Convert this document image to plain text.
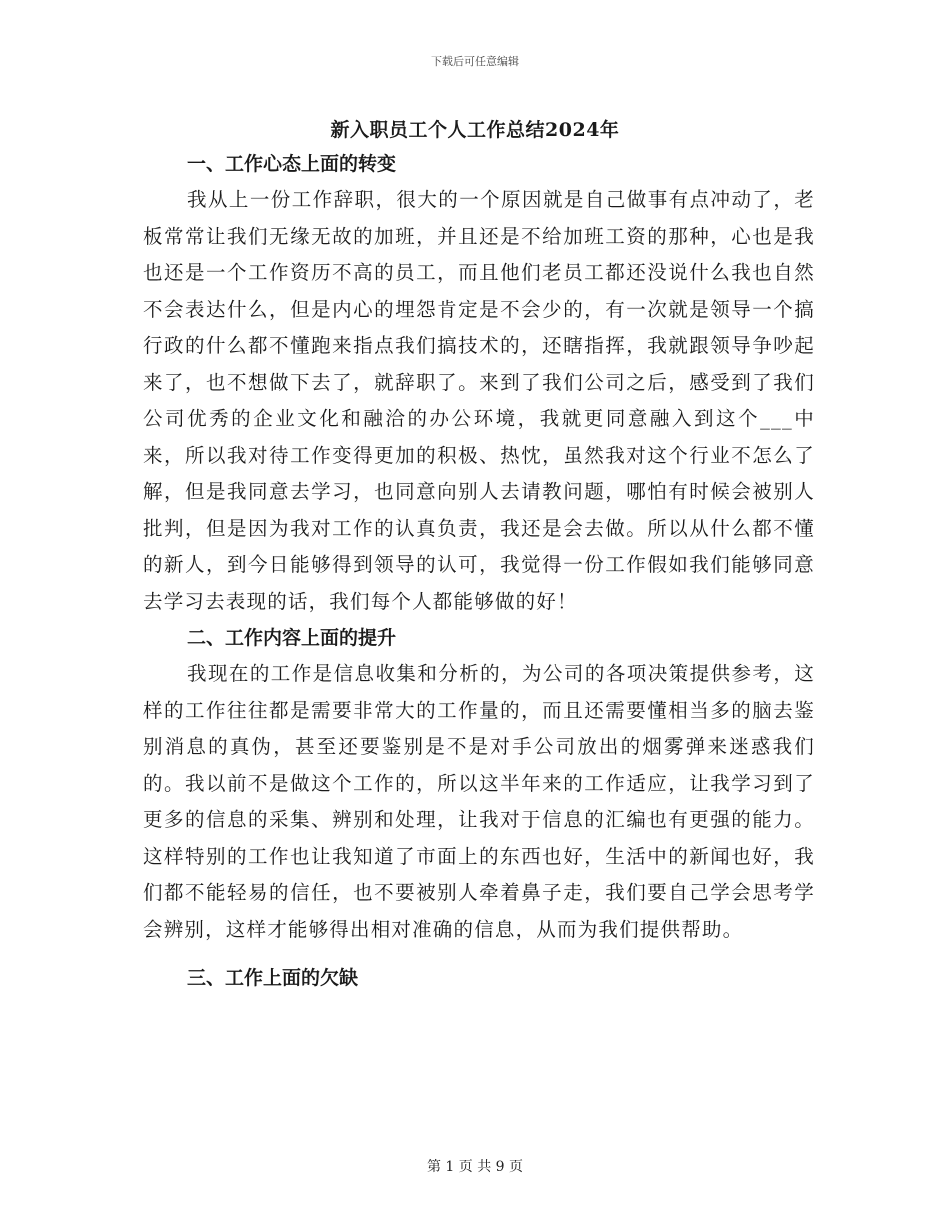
下载后可任意编辑
新入职员工个人工作总结2024年
一、工作心态上面的转变

我从上一份工作辞职，很大的一个原因就是自己做事有点冲动了，老板常常让我们无缘无故的加班，并且还是不给加班工资的那种，心也是我也还是一个工作资历不高的员工，而且他们老员工都还没说什么我也自然不会表达什么，但是内心的埋怨肯定是不会少的，有一次就是领导一个搞行政的什么都不懂跑来指点我们搞技术的，还瞎指挥，我就跟领导争吵起来了，也不想做下去了，就辞职了。来到了我们公司之后，感受到了我们公司优秀的企业文化和融洽的办公环境，我就更同意融入到这个___中来，所以我对待工作变得更加的积极、热忱，虽然我对这个行业不怎么了解，但是我同意去学习，也同意向别人去请教问题，哪怕有时候会被别人批判，但是因为我对工作的认真负责，我还是会去做。所以从什么都不懂的新人，到今日能够得到领导的认可，我觉得一份工作假如我们能够同意去学习去表现的话，我们每个人都能够做的好！

二、工作内容上面的提升

我现在的工作是信息收集和分析的，为公司的各项决策提供参考，这样的工作往往都是需要非常大的工作量的，而且还需要懂相当多的脑去鉴别消息的真伪，甚至还要鉴别是不是对手公司放出的烟雾弹来迷惑我们的。我以前不是做这个工作的，所以这半年来的工作适应，让我学习到了更多的信息的采集、辨别和处理，让我对于信息的汇编也有更强的能力。这样特别的工作也让我知道了市面上的东西也好，生活中的新闻也好，我们都不能轻易的信任，也不要被别人牵着鼻子走，我们要自己学会思考学会辨别，这样才能够得出相对准确的信息，从而为我们提供帮助。

三、工作上面的欠缺
第 1 页 共 9 页
